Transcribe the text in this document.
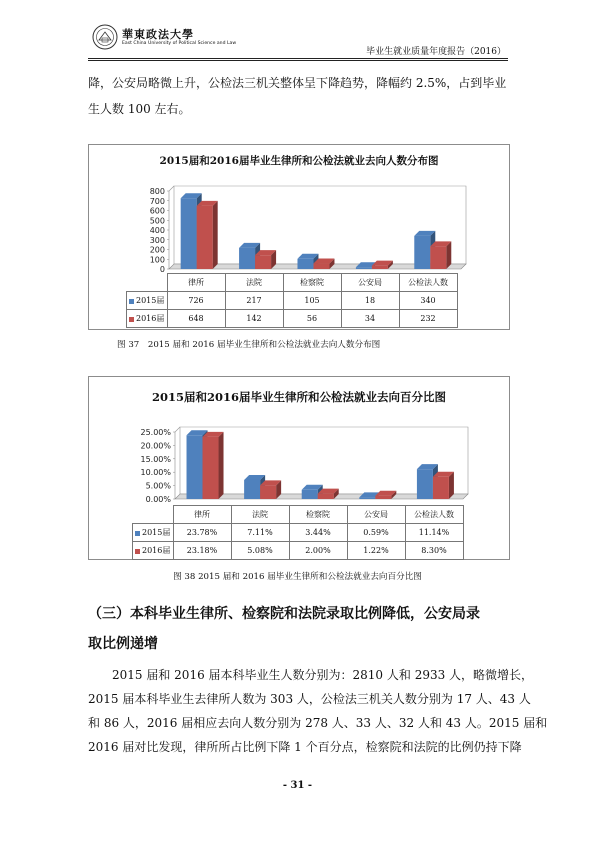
華東政法大學
East China University of Political Science and Law
毕业生就业质量年度报告（2016）
降，公安局略微上升，公检法三机关整体呈下降趋势，降幅约 2.5%，占到毕业
生人数 100 左右。
2015届和2016届毕业生律所和公检法就业去向人数分布图
800
700
600
500
400
300
200
100
0
	律所	法院	检察院	公安局	公检法人数
2015届	726	217	105	18	340
2016届	648	142	56	34	232
图 37　2015 届和 2016 届毕业生律所和公检法就业去向人数分布图
2015届和2016届毕业生律所和公检法就业去向百分比图
25.00%
20.00%
15.00%
10.00%
5.00%
0.00%
	律所	法院	检察院	公安局	公检法人数
2015届	23.78%	7.11%	3.44%	0.59%	11.14%
2016届	23.18%	5.08%	2.00%	1.22%	8.30%
图 38 2015 届和 2016 届毕业生律所和公检法就业去向百分比图
（三）本科毕业生律所、检察院和法院录取比例降低，公安局录
取比例递增
2015 届和 2016 届本科毕业生人数分别为：2810 人和 2933 人，略微增长，
2015 届本科毕业生去律所人数为 303 人，公检法三机关人数分别为 17 人、43 人
和 86 人，2016 届相应去向人数分别为 278 人、33 人、32 人和 43 人。2015 届和
2016 届对比发现，律所所占比例下降 1 个百分点，检察院和法院的比例仍持下降
- 31 -
